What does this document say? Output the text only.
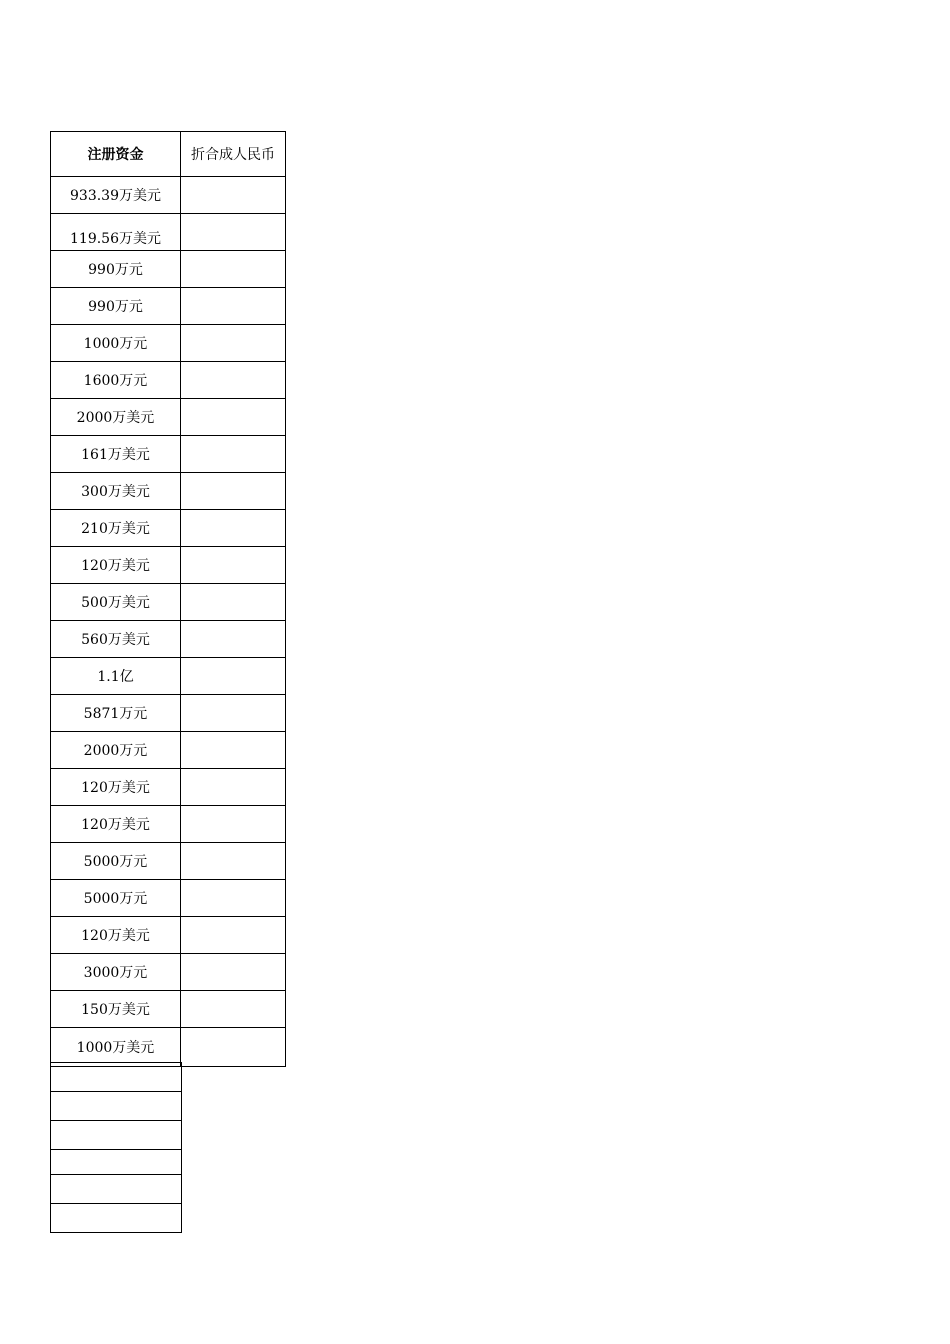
注册资金	折合成人民币
933.39万美元	
119.56万美元	
990万元	
990万元	
1000万元	
1600万元	
2000万美元	
161万美元	
300万美元	
210万美元	
120万美元	
500万美元	
560万美元	
1.1亿	
5871万元	
2000万元	
120万美元	
120万美元	
5000万元	
5000万元	
120万美元	
3000万元	
150万美元	
1000万美元	
